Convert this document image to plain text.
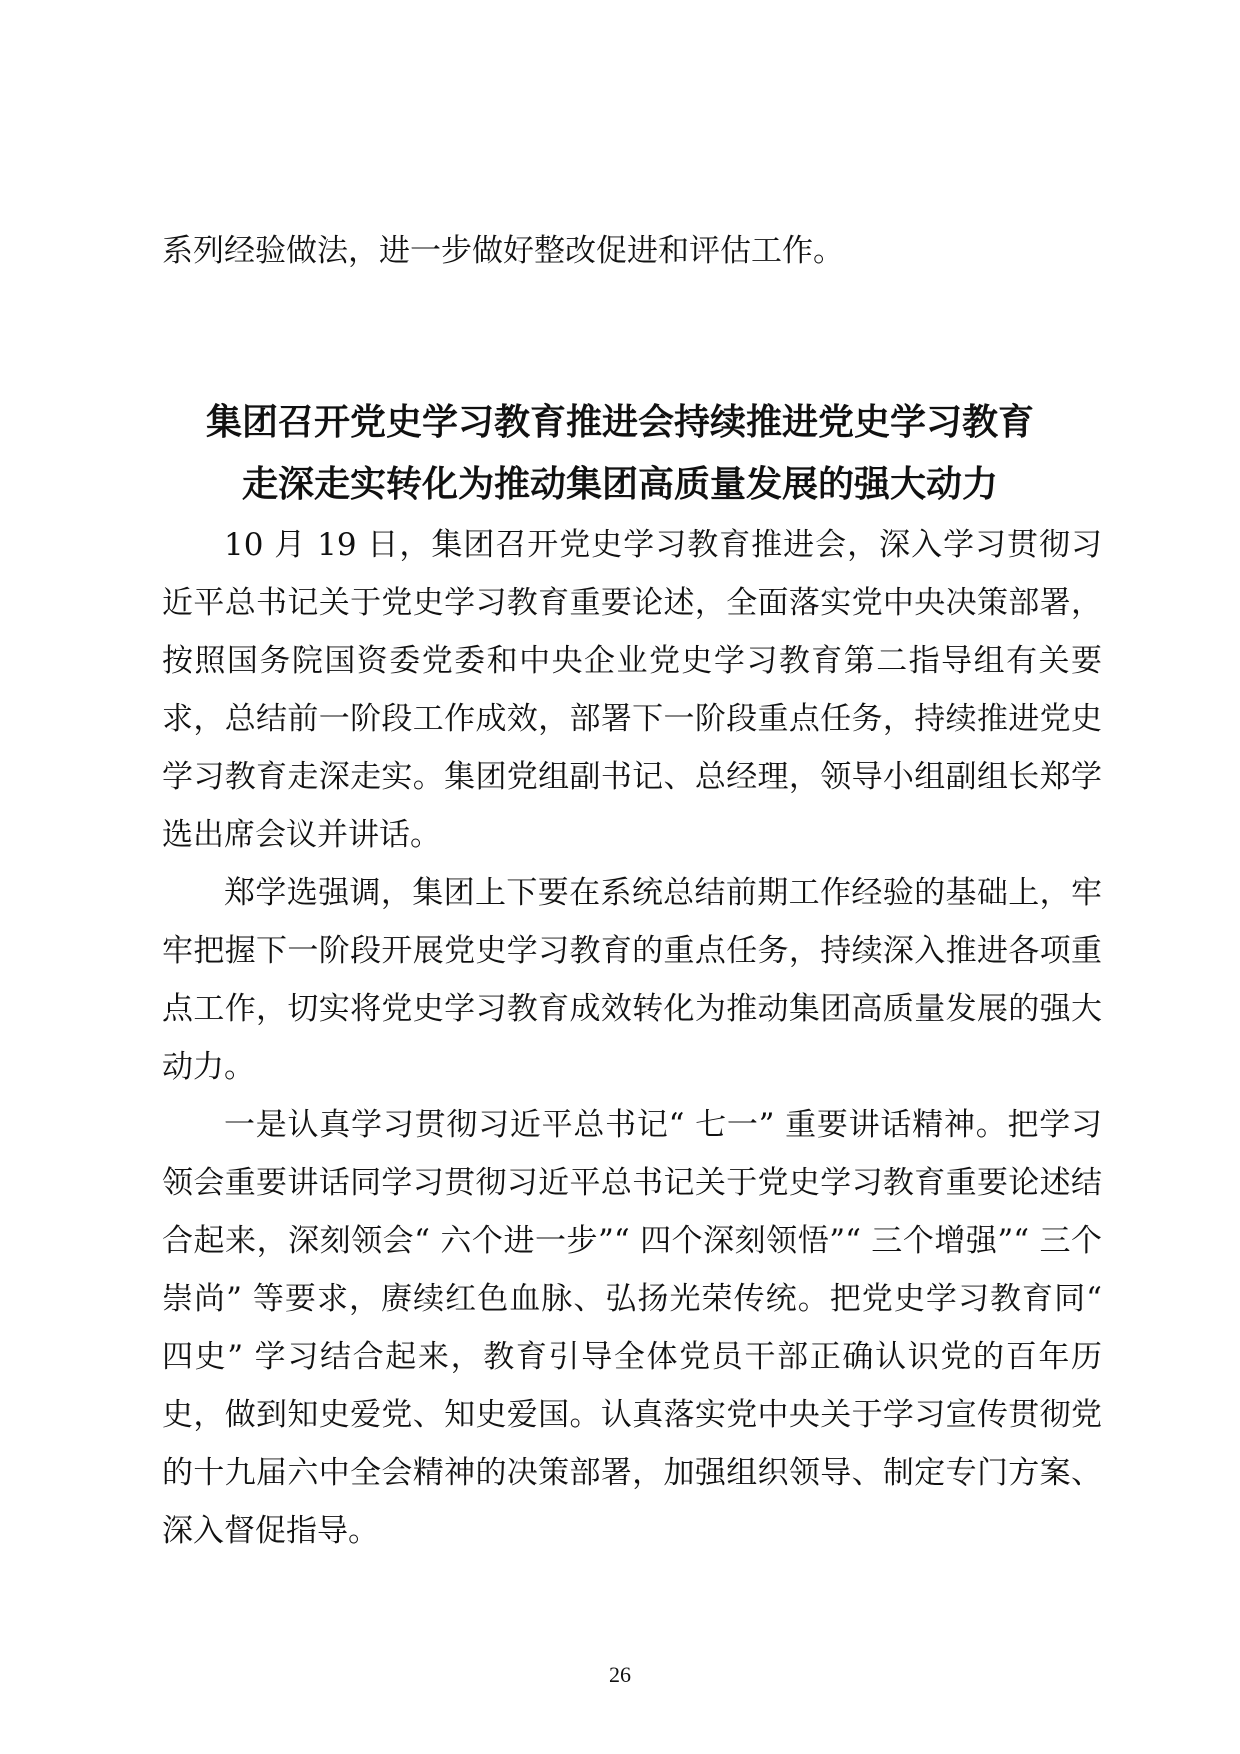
系列经验做法，进一步做好整改促进和评估工作。

集团召开党史学习教育推进会持续推进党史学习教育
走深走实转化为推动集团高质量发展的强大动力

10 月 19 日，集团召开党史学习教育推进会，深入学习贯彻习近平总书记关于党史学习教育重要论述，全面落实党中央决策部署，按照国务院国资委党委和中央企业党史学习教育第二指导组有关要求，总结前一阶段工作成效，部署下一阶段重点任务，持续推进党史学习教育走深走实。集团党组副书记、总经理，领导小组副组长郑学选出席会议并讲话。

郑学选强调，集团上下要在系统总结前期工作经验的基础上，牢牢把握下一阶段开展党史学习教育的重点任务，持续深入推进各项重点工作，切实将党史学习教育成效转化为推动集团高质量发展的强大动力。

一是认真学习贯彻习近平总书记“ 七一” 重要讲话精神。把学习领会重要讲话同学习贯彻习近平总书记关于党史学习教育重要论述结合起来，深刻领会“ 六个进一步”“ 四个深刻领悟”“ 三个增强”“ 三个崇尚” 等要求，赓续红色血脉、弘扬光荣传统。把党史学习教育同“ 四史” 学习结合起来，教育引导全体党员干部正确认识党的百年历史，做到知史爱党、知史爱国。认真落实党中央关于学习宣传贯彻党的十九届六中全会精神的决策部署，加强组织领导、制定专门方案、深入督促指导。

26
